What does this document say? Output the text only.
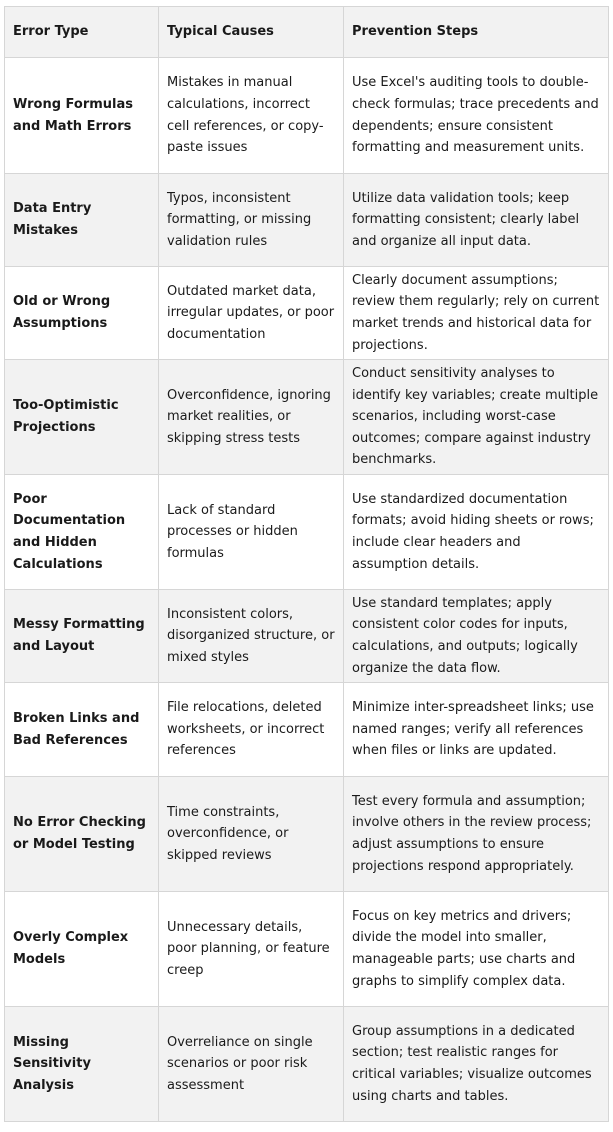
Error Type	Typical Causes	Prevention Steps
Wrong Formulas and Math Errors	Mistakes in manual calculations, incorrect cell references, or copy-paste issues	Use Excel's auditing tools to double-check formulas; trace precedents and dependents; ensure consistent formatting and measurement units.
Data Entry Mistakes	Typos, inconsistent formatting, or missing validation rules	Utilize data validation tools; keep formatting consistent; clearly label and organize all input data.
Old or Wrong Assumptions	Outdated market data, irregular updates, or poor documentation	Clearly document assumptions; review them regularly; rely on current market trends and historical data for projections.
Too-Optimistic Projections	Overconfidence, ignoring market realities, or skipping stress tests	Conduct sensitivity analyses to identify key variables; create multiple scenarios, including worst-case outcomes; compare against industry benchmarks.
Poor Documentation and Hidden Calculations	Lack of standard processes or hidden formulas	Use standardized documentation formats; avoid hiding sheets or rows; include clear headers and assumption details.
Messy Formatting and Layout	Inconsistent colors, disorganized structure, or mixed styles	Use standard templates; apply consistent color codes for inputs, calculations, and outputs; logically organize the data flow.
Broken Links and Bad References	File relocations, deleted worksheets, or incorrect references	Minimize inter-spreadsheet links; use named ranges; verify all references when files or links are updated.
No Error Checking or Model Testing	Time constraints, overconfidence, or skipped reviews	Test every formula and assumption; involve others in the review process; adjust assumptions to ensure projections respond appropriately.
Overly Complex Models	Unnecessary details, poor planning, or feature creep	Focus on key metrics and drivers; divide the model into smaller, manageable parts; use charts and graphs to simplify complex data.
Missing Sensitivity Analysis	Overreliance on single scenarios or poor risk assessment	Group assumptions in a dedicated section; test realistic ranges for critical variables; visualize outcomes using charts and tables.
